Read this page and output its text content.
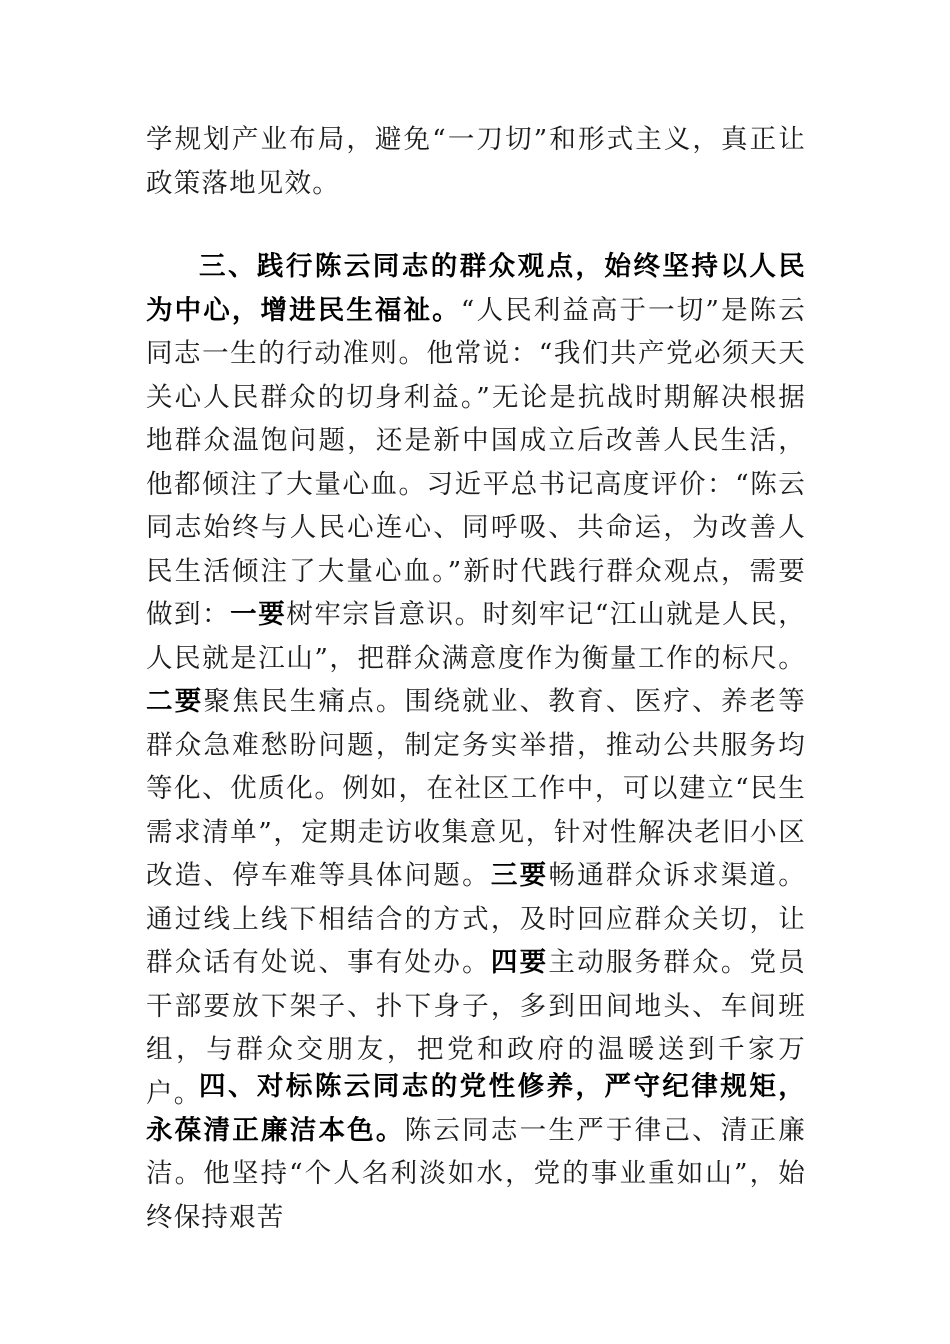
学规划产业布局，避免“一刀切”和形式主义，真正让政策落地见效。

三、践行陈云同志的群众观点，始终坚持以人民为中心，增进民生福祉。“人民利益高于一切”是陈云同志一生的行动准则。他常说：“我们共产党必须天天关心人民群众的切身利益。”无论是抗战时期解决根据地群众温饱问题，还是新中国成立后改善人民生活，他都倾注了大量心血。习近平总书记高度评价：“陈云同志始终与人民心连心、同呼吸、共命运，为改善人民生活倾注了大量心血。”新时代践行群众观点，需要做到：一要树牢宗旨意识。时刻牢记“江山就是人民，人民就是江山”，把群众满意度作为衡量工作的标尺。二要聚焦民生痛点。围绕就业、教育、医疗、养老等群众急难愁盼问题，制定务实举措，推动公共服务均等化、优质化。例如，在社区工作中，可以建立“民生需求清单”，定期走访收集意见，针对性解决老旧小区改造、停车难等具体问题。三要畅通群众诉求渠道。通过线上线下相结合的方式，及时回应群众关切，让群众话有处说、事有处办。四要主动服务群众。党员干部要放下架子、扑下身子，多到田间地头、车间班组，与群众交朋友，把党和政府的温暖送到千家万户。

四、对标陈云同志的党性修养，严守纪律规矩，永葆清正廉洁本色。陈云同志一生严于律己、清正廉洁。他坚持“个人名利淡如水，党的事业重如山”，始终保持艰苦
